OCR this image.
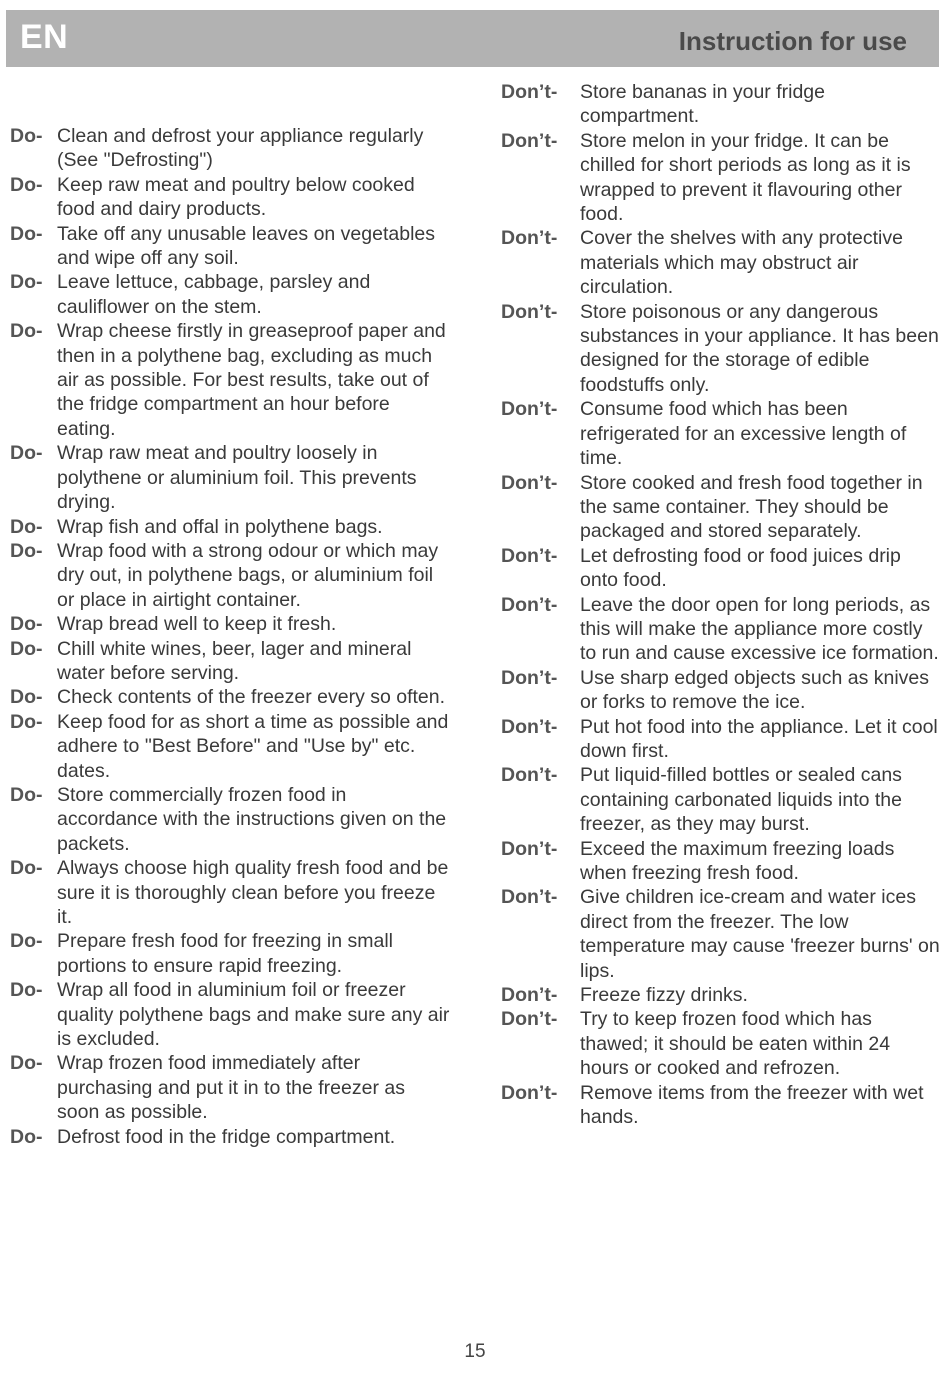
EN	Instruction for use
Do- Clean and defrost your appliance regularly (See "Defrosting")
Do- Keep raw meat and poultry below cooked food and dairy products.
Do- Take off any unusable leaves on vegetables and wipe off any soil.
Do- Leave lettuce, cabbage, parsley and cauliflower on the stem.
Do- Wrap cheese firstly in greaseproof paper and then in a polythene bag, excluding as much air as possible. For best results, take out of the fridge compartment an hour before eating.
Do- Wrap raw meat and poultry loosely in polythene or aluminium foil. This prevents drying.
Do- Wrap fish and offal in polythene bags.
Do- Wrap food with a strong odour or which may dry out, in polythene bags, or aluminium foil or place in airtight container.
Do- Wrap bread well to keep it fresh.
Do- Chill white wines, beer, lager and mineral water before serving.
Do- Check contents of the freezer every so often.
Do- Keep food for as short a time as possible and adhere to "Best Before" and "Use by" etc. dates.
Do- Store commercially frozen food in accordance with the instructions given on the packets.
Do- Always choose high quality fresh food and be sure it is thoroughly clean before you freeze it.
Do- Prepare fresh food for freezing in small portions to ensure rapid freezing.
Do- Wrap all food in aluminium foil or freezer quality polythene bags and make sure any air is excluded.
Do- Wrap frozen food immediately after purchasing and put it in to the freezer as soon as possible.
Do- Defrost food in the fridge compartment.
Don’t-	Store bananas in your fridge compartment.
Don’t-	Store melon in your fridge. It can be chilled for short periods as long as it is wrapped to prevent it flavouring other food.
Don’t-	Cover the shelves with any protective materials which may obstruct air circulation.
Don’t-	Store poisonous or any dangerous substances in your appliance. It has been designed for the storage of edible foodstuffs only.
Don’t-	Consume food which has been refrigerated for an excessive length of time.
Don’t-	Store cooked and fresh food together in the same container. They should be packaged and stored separately.
Don’t-	Let defrosting food or food juices drip onto food.
Don’t-	Leave the door open for long periods, as this will make the appliance more costly to run and cause excessive ice formation.
Don’t-	Use sharp edged objects such as knives or forks to remove the ice.
Don’t-	Put hot food into the appliance. Let it cool down first.
Don’t-	Put liquid-filled bottles or sealed cans containing carbonated liquids into the freezer, as they may burst.
Don’t-	Exceed the maximum freezing loads when freezing fresh food.
Don’t-	Give children ice-cream and water ices direct from the freezer. The low temperature may cause 'freezer burns' on lips.
Don’t-	Freeze fizzy drinks.
Don’t-	Try to keep frozen food which has thawed; it should be eaten within 24 hours or cooked and refrozen.
Don’t-	Remove items from the freezer with wet hands.
15
